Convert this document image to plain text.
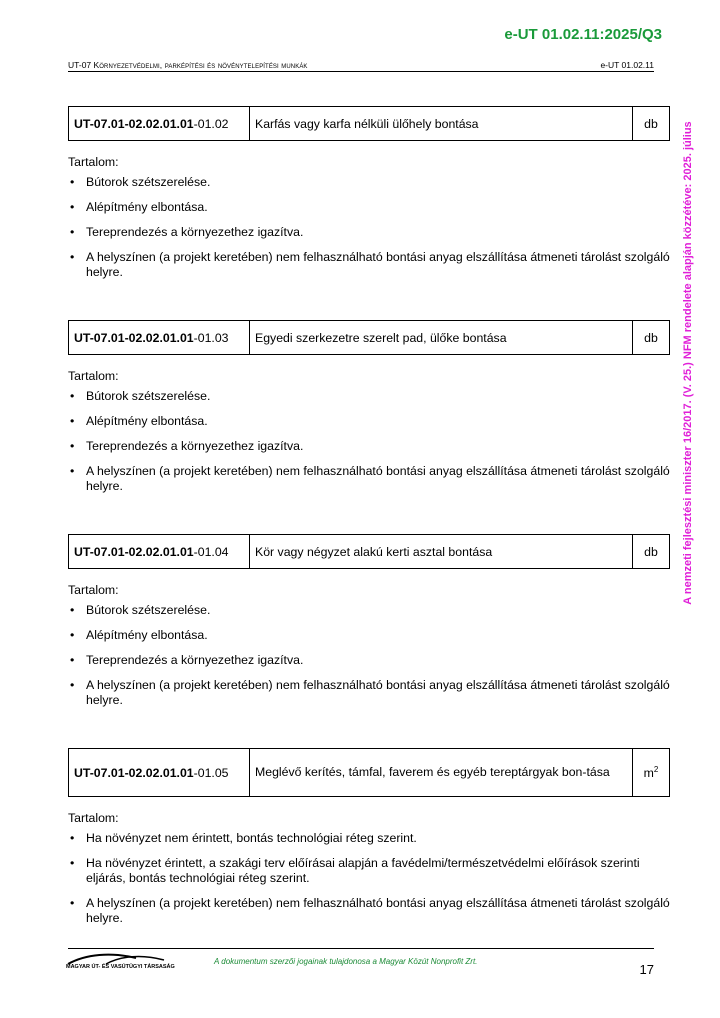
e-UT 01.02.11:2025/Q3
UT-07 Környezetvédelmi, parképítési és növénytelepítési munkák	e-UT 01.02.11
A nemzeti fejlesztési miniszter 16/2017. (V. 25.) NFM rendelete alapján közzétéve: 2025. július
UT-07.01-02.02.01.01-01.02	Karfás vagy karfa nélküli ülőhely bontása	db
Tartalom:
• Bútorok szétszerelése.
• Alépítmény elbontása.
• Tereprendezés a környezethez igazítva.
• A helyszínen (a projekt keretében) nem felhasználható bontási anyag elszállítása átmeneti tárolást szolgáló helyre.
UT-07.01-02.02.01.01-01.03	Egyedi szerkezetre szerelt pad, ülőke bontása	db
Tartalom:
• Bútorok szétszerelése.
• Alépítmény elbontása.
• Tereprendezés a környezethez igazítva.
• A helyszínen (a projekt keretében) nem felhasználható bontási anyag elszállítása átmeneti tárolást szolgáló helyre.
UT-07.01-02.02.01.01-01.04	Kör vagy négyzet alakú kerti asztal bontása	db
Tartalom:
• Bútorok szétszerelése.
• Alépítmény elbontása.
• Tereprendezés a környezethez igazítva.
• A helyszínen (a projekt keretében) nem felhasználható bontási anyag elszállítása átmeneti tárolást szolgáló helyre.
UT-07.01-02.02.01.01-01.05	Meglévő kerítés, támfal, faverem és egyéb tereptárgyak bon-tása	$m^2$
Tartalom:
• Ha növényzet nem érintett, bontás technológiai réteg szerint.
• Ha növényzet érintett, a szakági terv előírásai alapján a favédelmi/természetvédelmi előírások szerinti eljárás, bontás technológiai réteg szerint.
• A helyszínen (a projekt keretében) nem felhasználható bontási anyag elszállítása átmeneti tárolást szolgáló helyre.
MAGYAR ÚT- ÉS VASÚTÜGYI TÁRSASÁG
A dokumentum szerzői jogainak tulajdonosa a Magyar Közút Nonprofit Zrt.
17
